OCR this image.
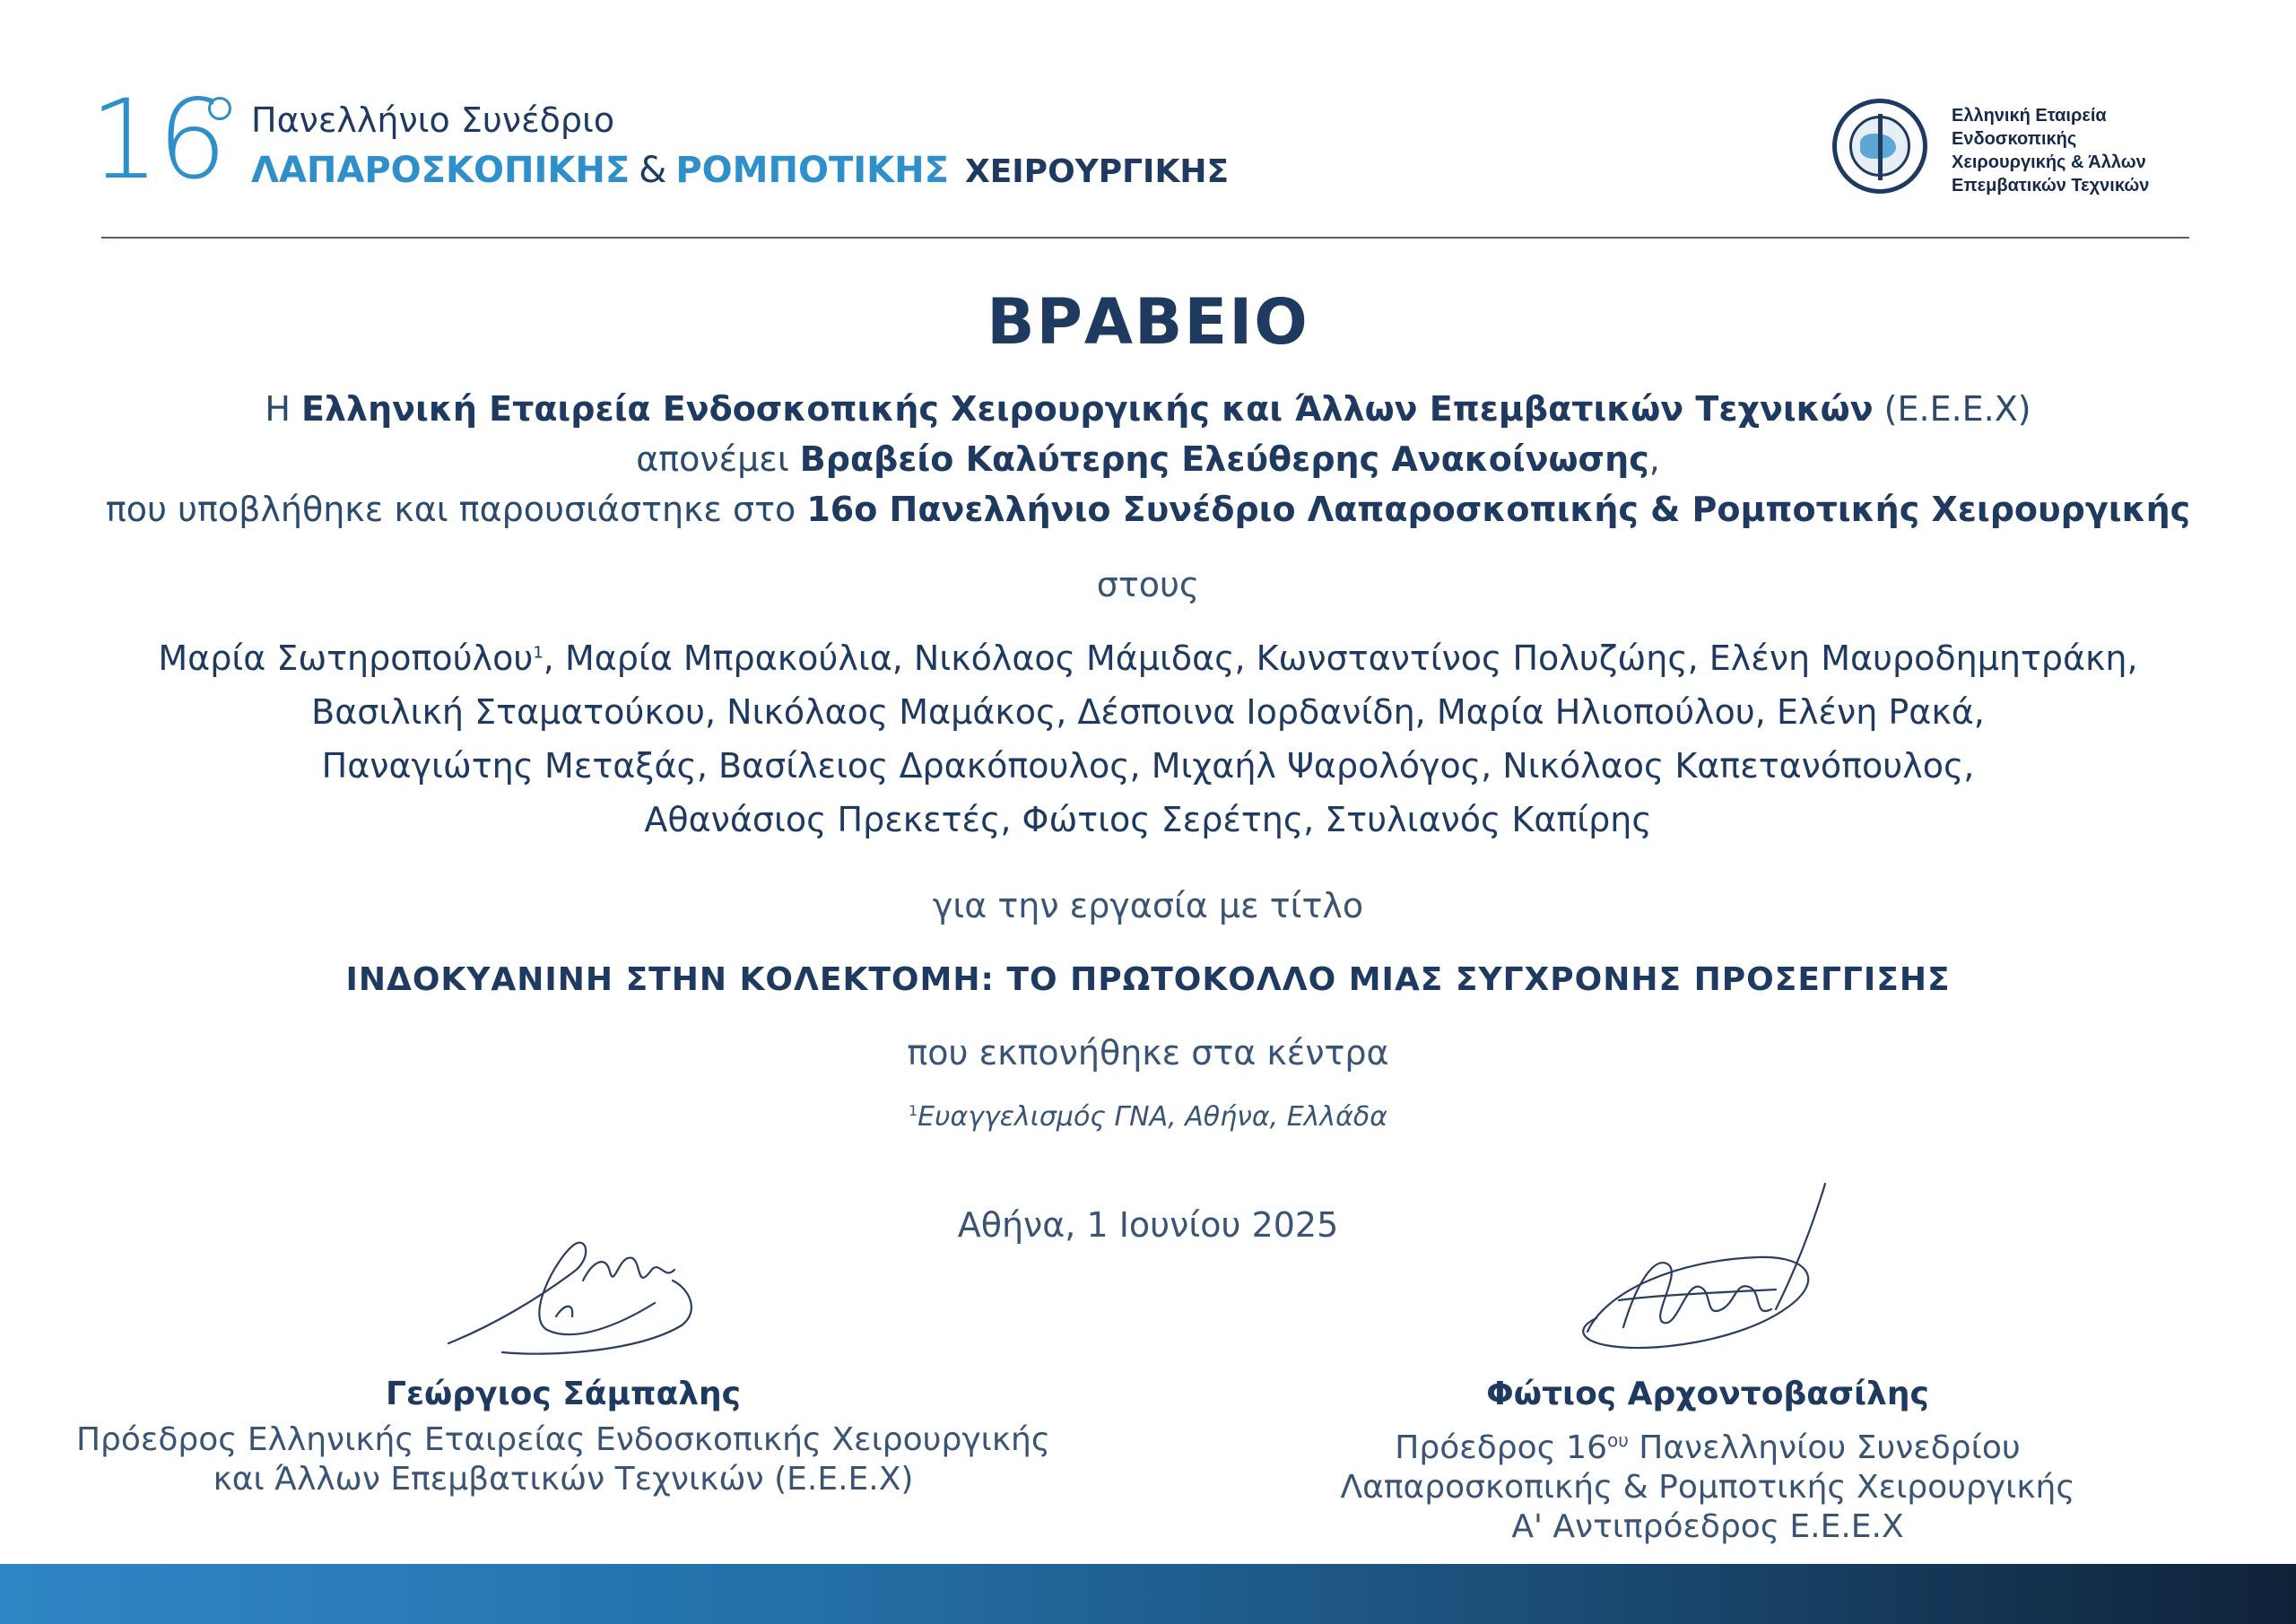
16 Πανελλήνιο Συνέδριο
ΛΑΠΑΡΟΣΚΟΠΙΚΗΣ & ΡΟΜΠΟΤΙΚΗΣ ΧΕΙΡΟΥΡΓΙΚΗΣ
Ελληνική Εταιρεία
Ενδοσκοπικής
Χειρουργικής & Άλλων
Επεμβατικών Τεχνικών
ΒΡΑΒΕΙΟ
Η Ελληνική Εταιρεία Ενδοσκοπικής Χειρουργικής και Άλλων Επεμβατικών Τεχνικών (Ε.Ε.Ε.Χ)
απονέμει Βραβείο Καλύτερης Ελεύθερης Ανακοίνωσης,
που υποβλήθηκε και παρουσιάστηκε στο 16ο Πανελλήνιο Συνέδριο Λαπαροσκοπικής & Ρομποτικής Χειρουργικής
στους
Μαρία Σωτηροπούλου$^1$, Μαρία Μπρακούλια, Νικόλαος Μάμιδας, Κωνσταντίνος Πολυζώης, Ελένη Μαυροδημητράκη,
Βασιλική Σταματούκου, Νικόλαος Μαμάκος, Δέσποινα Ιορδανίδη, Μαρία Ηλιοπούλου, Ελένη Ρακά,
Παναγιώτης Μεταξάς, Βασίλειος Δρακόπουλος, Μιχαήλ Ψαρολόγος, Νικόλαος Καπετανόπουλος,
Αθανάσιος Πρεκετές, Φώτιος Σερέτης, Στυλιανός Καπίρης
για την εργασία με τίτλο
ΙΝΔΟΚΥΑΝΙΝΗ ΣΤΗΝ ΚΟΛΕΚΤΟΜΗ: ΤΟ ΠΡΩΤΟΚΟΛΛΟ ΜΙΑΣ ΣΥΓΧΡΟΝΗΣ ΠΡΟΣΕΓΓΙΣΗΣ
που εκπονήθηκε στα κέντρα
$^1$Ευαγγελισμός ΓΝΑ, Αθήνα, Ελλάδα
Αθήνα, 1 Ιουνίου 2025
Γεώργιος Σάμπαλης
Πρόεδρος Ελληνικής Εταιρείας Ενδοσκοπικής Χειρουργικής
και Άλλων Επεμβατικών Τεχνικών (Ε.Ε.Ε.Χ)
Φώτιος Αρχοντοβασίλης
Πρόεδρος $16^{o\upsilon}$ Πανελληνίου Συνεδρίου
Λαπαροσκοπικής & Ρομποτικής Χειρουργικής
Α' Αντιπρόεδρος Ε.Ε.Ε.Χ
